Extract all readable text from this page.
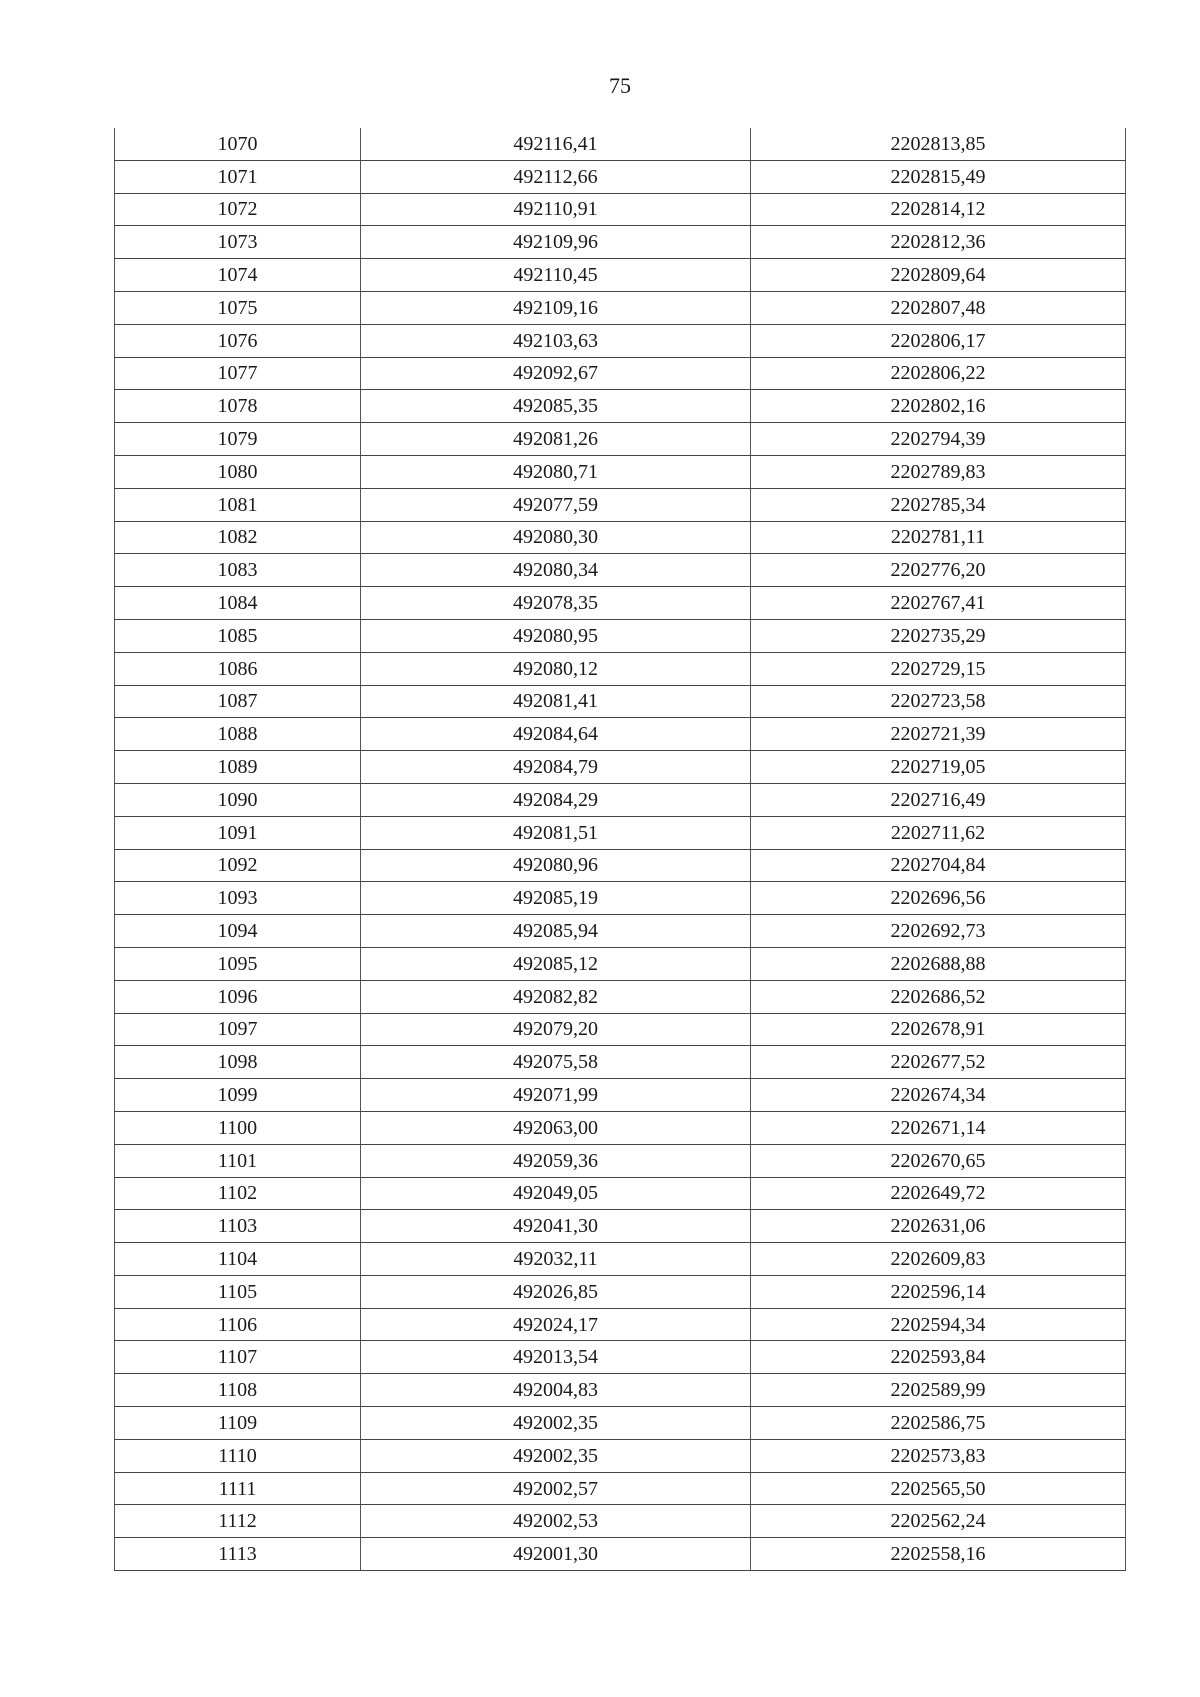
75
1070	492116,41	2202813,85
1071	492112,66	2202815,49
1072	492110,91	2202814,12
1073	492109,96	2202812,36
1074	492110,45	2202809,64
1075	492109,16	2202807,48
1076	492103,63	2202806,17
1077	492092,67	2202806,22
1078	492085,35	2202802,16
1079	492081,26	2202794,39
1080	492080,71	2202789,83
1081	492077,59	2202785,34
1082	492080,30	2202781,11
1083	492080,34	2202776,20
1084	492078,35	2202767,41
1085	492080,95	2202735,29
1086	492080,12	2202729,15
1087	492081,41	2202723,58
1088	492084,64	2202721,39
1089	492084,79	2202719,05
1090	492084,29	2202716,49
1091	492081,51	2202711,62
1092	492080,96	2202704,84
1093	492085,19	2202696,56
1094	492085,94	2202692,73
1095	492085,12	2202688,88
1096	492082,82	2202686,52
1097	492079,20	2202678,91
1098	492075,58	2202677,52
1099	492071,99	2202674,34
1100	492063,00	2202671,14
1101	492059,36	2202670,65
1102	492049,05	2202649,72
1103	492041,30	2202631,06
1104	492032,11	2202609,83
1105	492026,85	2202596,14
1106	492024,17	2202594,34
1107	492013,54	2202593,84
1108	492004,83	2202589,99
1109	492002,35	2202586,75
1110	492002,35	2202573,83
1111	492002,57	2202565,50
1112	492002,53	2202562,24
1113	492001,30	2202558,16
